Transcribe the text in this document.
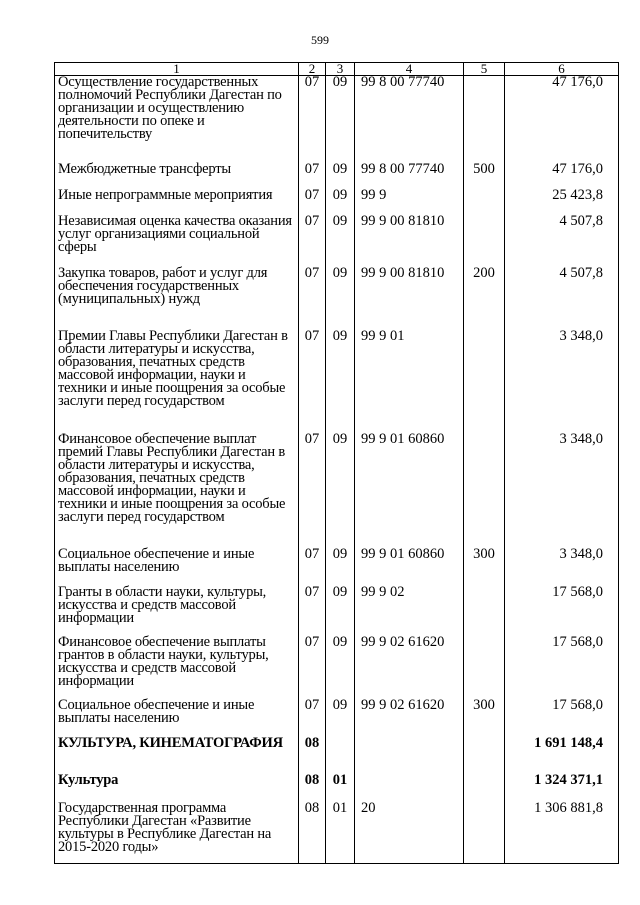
599
1	2	3	4	5	6
Осуществление государственных полномочий Республики Дагестан по организации и осуществлению деятельности по опеке и попечительству	07	09	99 8 00 77740		47 176,0
Межбюджетные трансферты	07	09	99 8 00 77740	500	47 176,0
Иные непрограммные мероприятия	07	09	99 9		25 423,8
Независимая оценка качества оказания услуг организациями социальной сферы	07	09	99 9 00 81810		4 507,8
Закупка товаров, работ и услуг для обеспечения государственных (муниципальных) нужд	07	09	99 9 00 81810	200	4 507,8
Премии Главы Республики Дагестан в области литературы и искусства, образования, печатных средств массовой информации, науки и техники и иные поощрения за особые заслуги перед государством	07	09	99 9 01		3 348,0
Финансовое обеспечение выплат премий Главы Республики Дагестан в области литературы и искусства, образования, печатных средств массовой информации, науки и техники и иные поощрения за особые заслуги перед государством	07	09	99 9 01 60860		3 348,0
Социальное обеспечение и иные выплаты населению	07	09	99 9 01 60860	300	3 348,0
Гранты в области науки, культуры, искусства и средств массовой информации	07	09	99 9 02		17 568,0
Финансовое обеспечение выплаты грантов в области науки, культуры, искусства и средств массовой информации	07	09	99 9 02 61620		17 568,0
Социальное обеспечение и иные выплаты населению	07	09	99 9 02 61620	300	17 568,0
КУЛЬТУРА, КИНЕМАТОГРАФИЯ	08				1 691 148,4
Культура	08	01			1 324 371,1
Государственная программа Республики Дагестан «Развитие культуры в Республике Дагестан на 2015-2020 годы»	08	01	20		1 306 881,8
